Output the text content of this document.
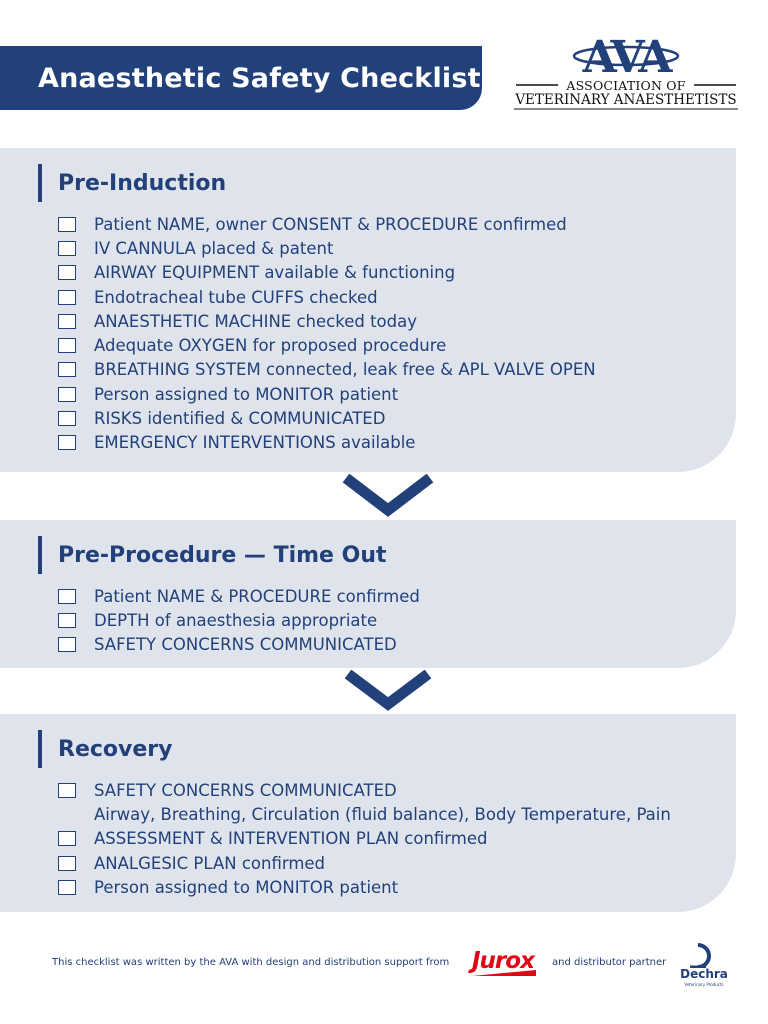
Anaesthetic Safety Checklist AVA
ASSOCIATION OF
VETERINARY ANAESTHETISTS
Pre-Induction
Patient NAME, owner CONSENT & PROCEDURE confirmed
IV CANNULA placed & patent
AIRWAY EQUIPMENT available & functioning
Endotracheal tube CUFFS checked
ANAESTHETIC MACHINE checked today
Adequate OXYGEN for proposed procedure
BREATHING SYSTEM connected, leak free & APL VALVE OPEN
Person assigned to MONITOR patient
RISKS identified & COMMUNICATED
EMERGENCY INTERVENTIONS available
Pre-Procedure — Time Out
Patient NAME & PROCEDURE confirmed
DEPTH of anaesthesia appropriate
SAFETY CONCERNS COMMUNICATED
Recovery
SAFETY CONCERNS COMMUNICATED
Airway, Breathing, Circulation (fluid balance), Body Temperature, Pain
ASSESSMENT & INTERVENTION PLAN confirmed
ANALGESIC PLAN confirmed
Person assigned to MONITOR patient
This checklist was written by the AVA with design and distribution support from Jurox and distributor partner
Dechra
Veterinary Products
